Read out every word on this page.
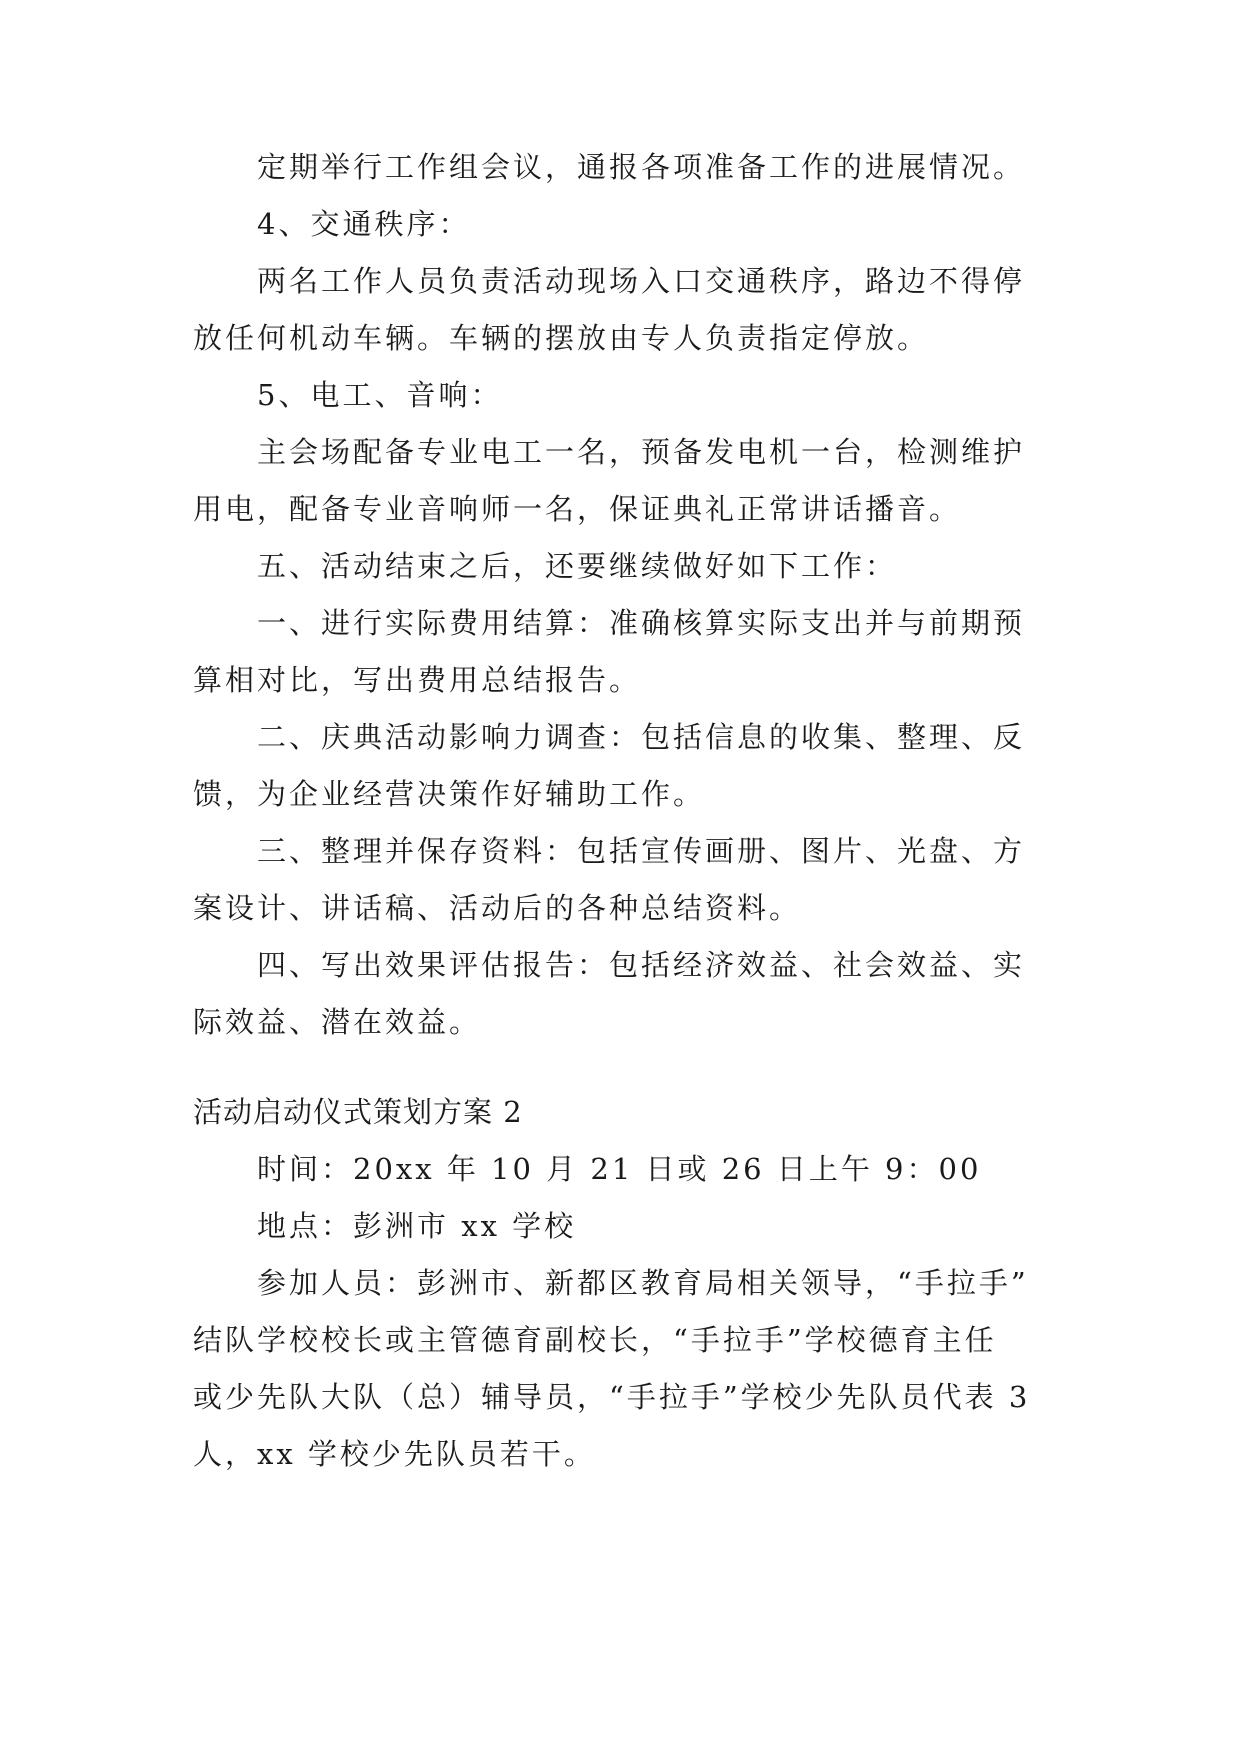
定期举行工作组会议，通报各项准备工作的进展情况。

4、交通秩序：

两名工作人员负责活动现场入口交通秩序，路边不得停

放任何机动车辆。车辆的摆放由专人负责指定停放。

5、电工、音响：

主会场配备专业电工一名，预备发电机一台，检测维护

用电，配备专业音响师一名，保证典礼正常讲话播音。

五、活动结束之后，还要继续做好如下工作：

一、进行实际费用结算：准确核算实际支出并与前期预

算相对比，写出费用总结报告。

二、庆典活动影响力调查：包括信息的收集、整理、反

馈，为企业经营决策作好辅助工作。

三、整理并保存资料：包括宣传画册、图片、光盘、方

案设计、讲话稿、活动后的各种总结资料。

四、写出效果评估报告：包括经济效益、社会效益、实

际效益、潜在效益。

活动启动仪式策划方案 2

时间：20xx 年 10 月 21 日或 26 日上午 9：00

地点：彭洲市 xx 学校

参加人员：彭洲市、新都区教育局相关领导，“手拉手”

结队学校校长或主管德育副校长，“手拉手”学校德育主任

或少先队大队（总）辅导员，“手拉手”学校少先队员代表 3

人，xx 学校少先队员若干。
